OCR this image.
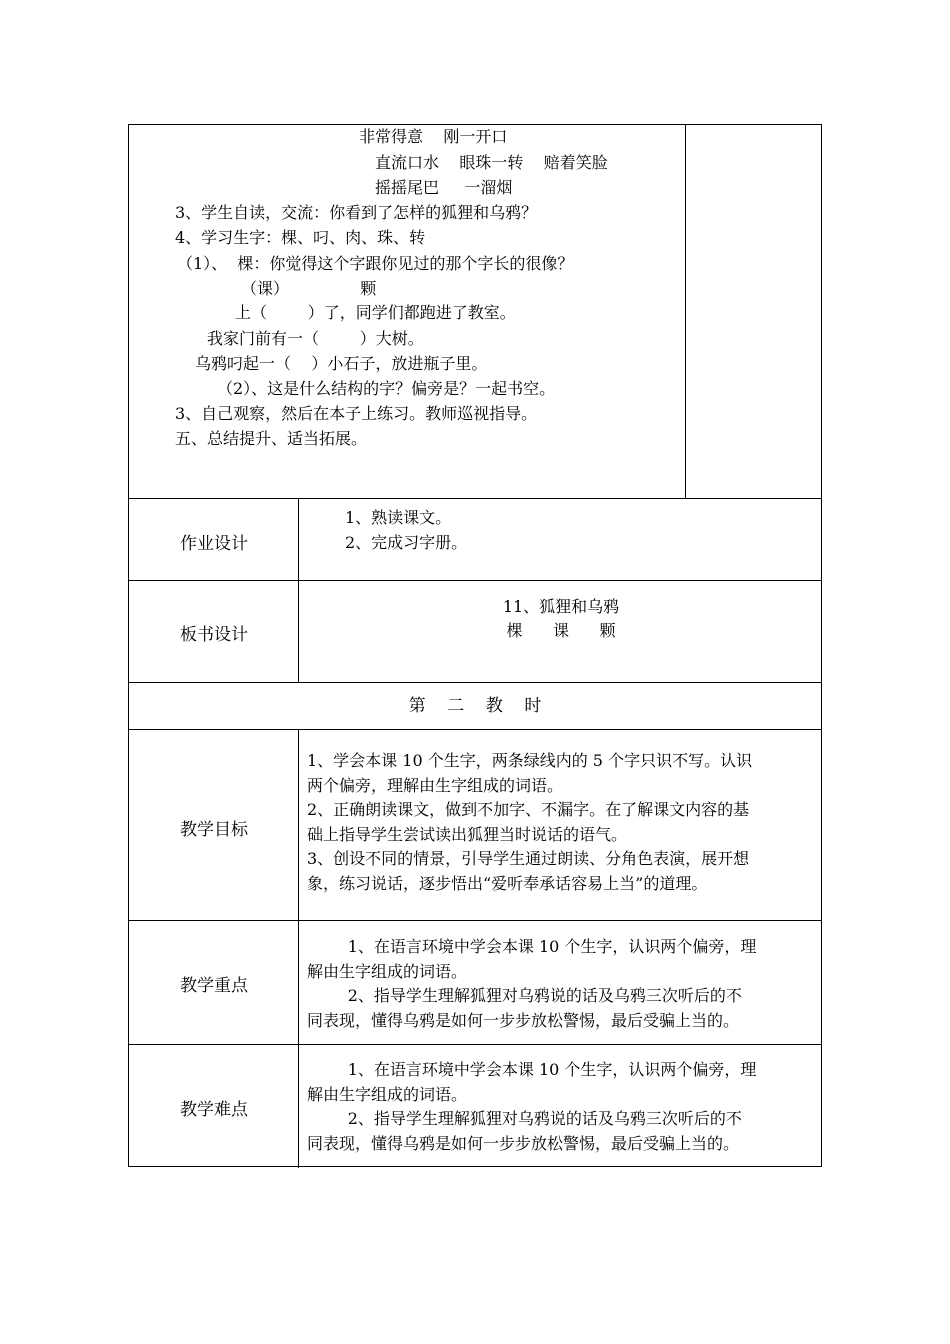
非常得意    刚一开口
直流口水    眼珠一转    赔着笑脸
摇摇尾巴     一溜烟
3、学生自读，交流：你看到了怎样的狐狸和乌鸦？
4、学习生字：棵、叼、肉、珠、转
（1）、  棵：你觉得这个字跟你见过的那个字长的很像？
（课）              颗
上（        ）了，同学们都跑进了教室。
我家门前有一（        ）大树。
乌鸦叼起一（    ）小石子，放进瓶子里。
（2）、这是什么结构的字？偏旁是？一起书空。
3、自己观察，然后在本子上练习。教师巡视指导。
五、总结提升、适当拓展。
作业设计
1、熟读课文。
2、完成习字册。
板书设计
11、狐狸和乌鸦
棵      课      颗
第    二    教    时
教学目标
1、学会本课 10 个生字，两条绿线内的 5 个字只识不写。认识
两个偏旁，理解由生字组成的词语。
2、正确朗读课文，做到不加字、不漏字。在了解课文内容的基
础上指导学生尝试读出狐狸当时说话的语气。
3、创设不同的情景，引导学生通过朗读、分角色表演，展开想
象，练习说话，逐步悟出“爱听奉承话容易上当”的道理。
教学重点
1、在语言环境中学会本课 10 个生字，认识两个偏旁，理
解由生字组成的词语。
2、指导学生理解狐狸对乌鸦说的话及乌鸦三次听后的不
同表现，懂得乌鸦是如何一步步放松警惕，最后受骗上当的。
教学难点
1、在语言环境中学会本课 10 个生字，认识两个偏旁，理
解由生字组成的词语。
2、指导学生理解狐狸对乌鸦说的话及乌鸦三次听后的不
同表现，懂得乌鸦是如何一步步放松警惕，最后受骗上当的。
